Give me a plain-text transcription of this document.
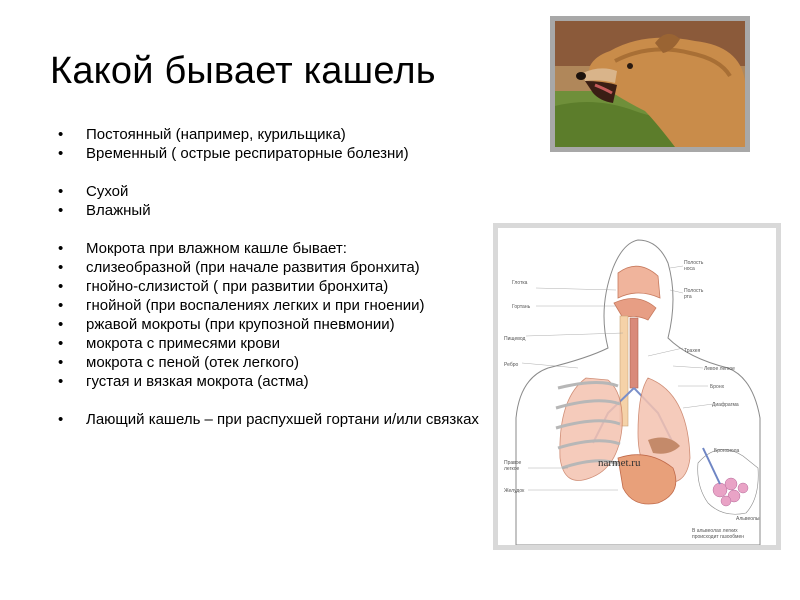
Какой бывает кашель
• Постоянный (например, курильщика)
• Временный ( острые респираторные болезни)
• Сухой
• Влажный
• Мокрота при влажном кашле бывает:
• слизеобразной (при начале развития бронхита)
• гнойно-слизистой ( при развитии бронхита)
• гнойной (при воспалениях легких и при гноении)
• ржавой мокроты (при крупозной пневмонии)
• мокрота с примесями крови
• мокрота с пеной (отек легкого)
• густая и вязкая мокрота (астма)
• Лающий кашель – при распухшей гортани и/или связках
Глотка
Гортань
Пищевод
Ребро
Полость
носа
Полость
рта
Трахея
Левое легкое
Бронх
Диафрагма
Правое
легкое
Желудок
Бронхиола
Альвеолы
В альвеолах легких
происходит газообмен
narmet.ru
